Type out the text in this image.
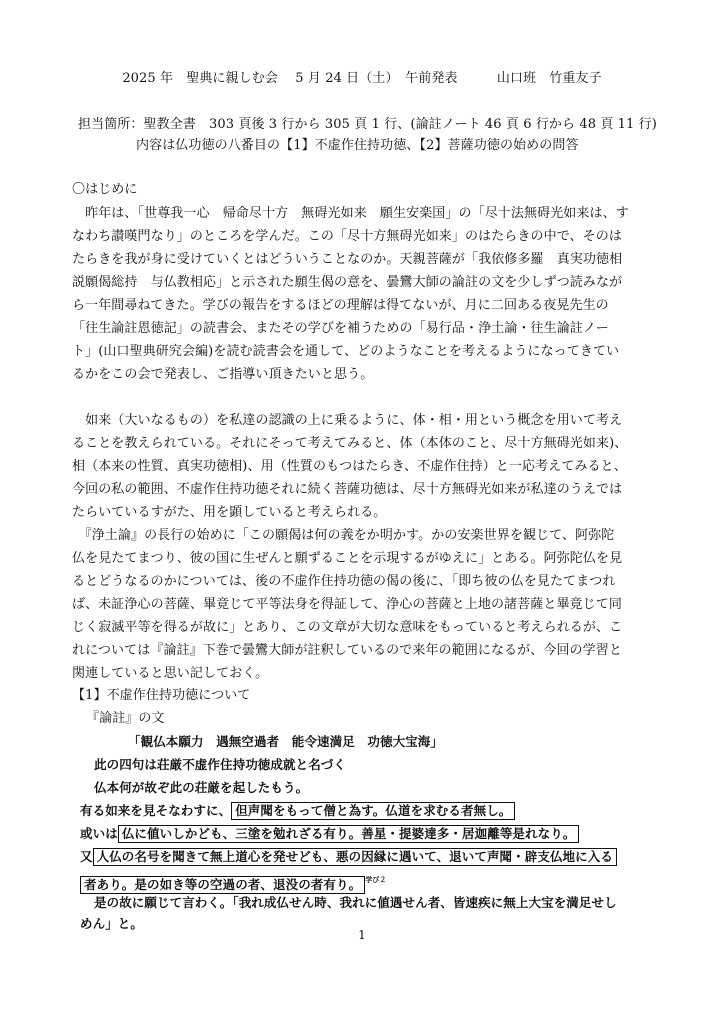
2025 年　聖典に親しむ会　 5 月 24 日（土）　午前発表　　　山口班　竹重友子
担当箇所：聖教全書　303 頁後 3 行から 305 頁 1 行、(論註ノート 46 頁 6 行から 48 頁 11 行)
内容は仏功徳の八番目の【1】不虚作住持功徳、【2】菩薩功徳の始めの問答
〇はじめに
　昨年は、「世尊我一心　帰命尽十方　無碍光如来　願生安楽国」の「尽十法無碍光如来は、す
なわち讃嘆門なり」のところを学んだ。この「尽十方無碍光如来」のはたらきの中で、そのは
たらきを我が身に受けていくとはどういうことなのか。天親菩薩が「我依修多羅　真実功徳相
説願偈総持　与仏教相応」と示された願生偈の意を、曇鸞大師の論註の文を少しずつ読みなが
ら一年間尋ねてきた。学びの報告をするほどの理解は得てないが、月に二回ある夜晃先生の
「往生論註恩徳記」の読書会、またその学びを補うための「易行品・浄土論・往生論註ノー
ト」(山口聖典研究会編)を読む読書会を通して、どのようなことを考えるようになってきてい
るかをこの会で発表し、ご指導い頂きたいと思う。
　如来（大いなるもの）を私達の認識の上に乗るように、体・相・用という概念を用いて考え
ることを教えられている。それにそって考えてみると、体（本体のこと、尽十方無碍光如来)、
相（本来の性質、真実功徳相)、用（性質のもつはたらき、不虚作住持）と一応考えてみると、
今回の私の範囲、不虚作住持功徳それに続く菩薩功徳は、尽十方無碍光如来が私達のうえでは
たらいているすがた、用を顕していると考えられる。
　『浄土論』の長行の始めに「この願偈は何の義をか明かす。かの安楽世界を観じて、阿弥陀
仏を見たてまつり、彼の国に生ぜんと願ずることを示現するがゆえに」とある。阿弥陀仏を見
るとどうなるのかについては、後の不虚作住持功徳の偈の後に、「即ち彼の仏を見たてまつれ
ば、未証浄心の菩薩、畢竟じて平等法身を得証して、浄心の菩薩と上地の諸菩薩と畢竟じて同
じく寂滅平等を得るが故に」とあり、この文章が大切な意味をもっていると考えられるが、こ
れについては『論註』下巻で曇鸞大師が註釈しているので来年の範囲になるが、今回の学習と
関連していると思い記しておく。
【1】不虚作住持功徳について
『論註』の文
「観仏本願力　遇無空過者　能令速満足　功徳大宝海」
此の四句は荘厳不虚作住持功徳成就と名づく
仏本何が故ぞ此の荘厳を起したもう。
有る如来を見そなわすに、 但声聞をもって僧と為す。仏道を求むる者無し。
或いは 仏に値いしかども、三塗を勉れざる有り。善星・提婆達多・居迦離等是れなり。
又 人仏の名号を聞きて無上道心を発せども、悪の因縁に遇いて、退いて声聞・辟支仏地に入る
者あり。是の如き等の空過の者、退没の者有り。 $^{学び2}$
是の故に願じて言わく。「我れ成仏せん時、我れに値遇せん者、皆速疾に無上大宝を満足せし
めん」と。
1
